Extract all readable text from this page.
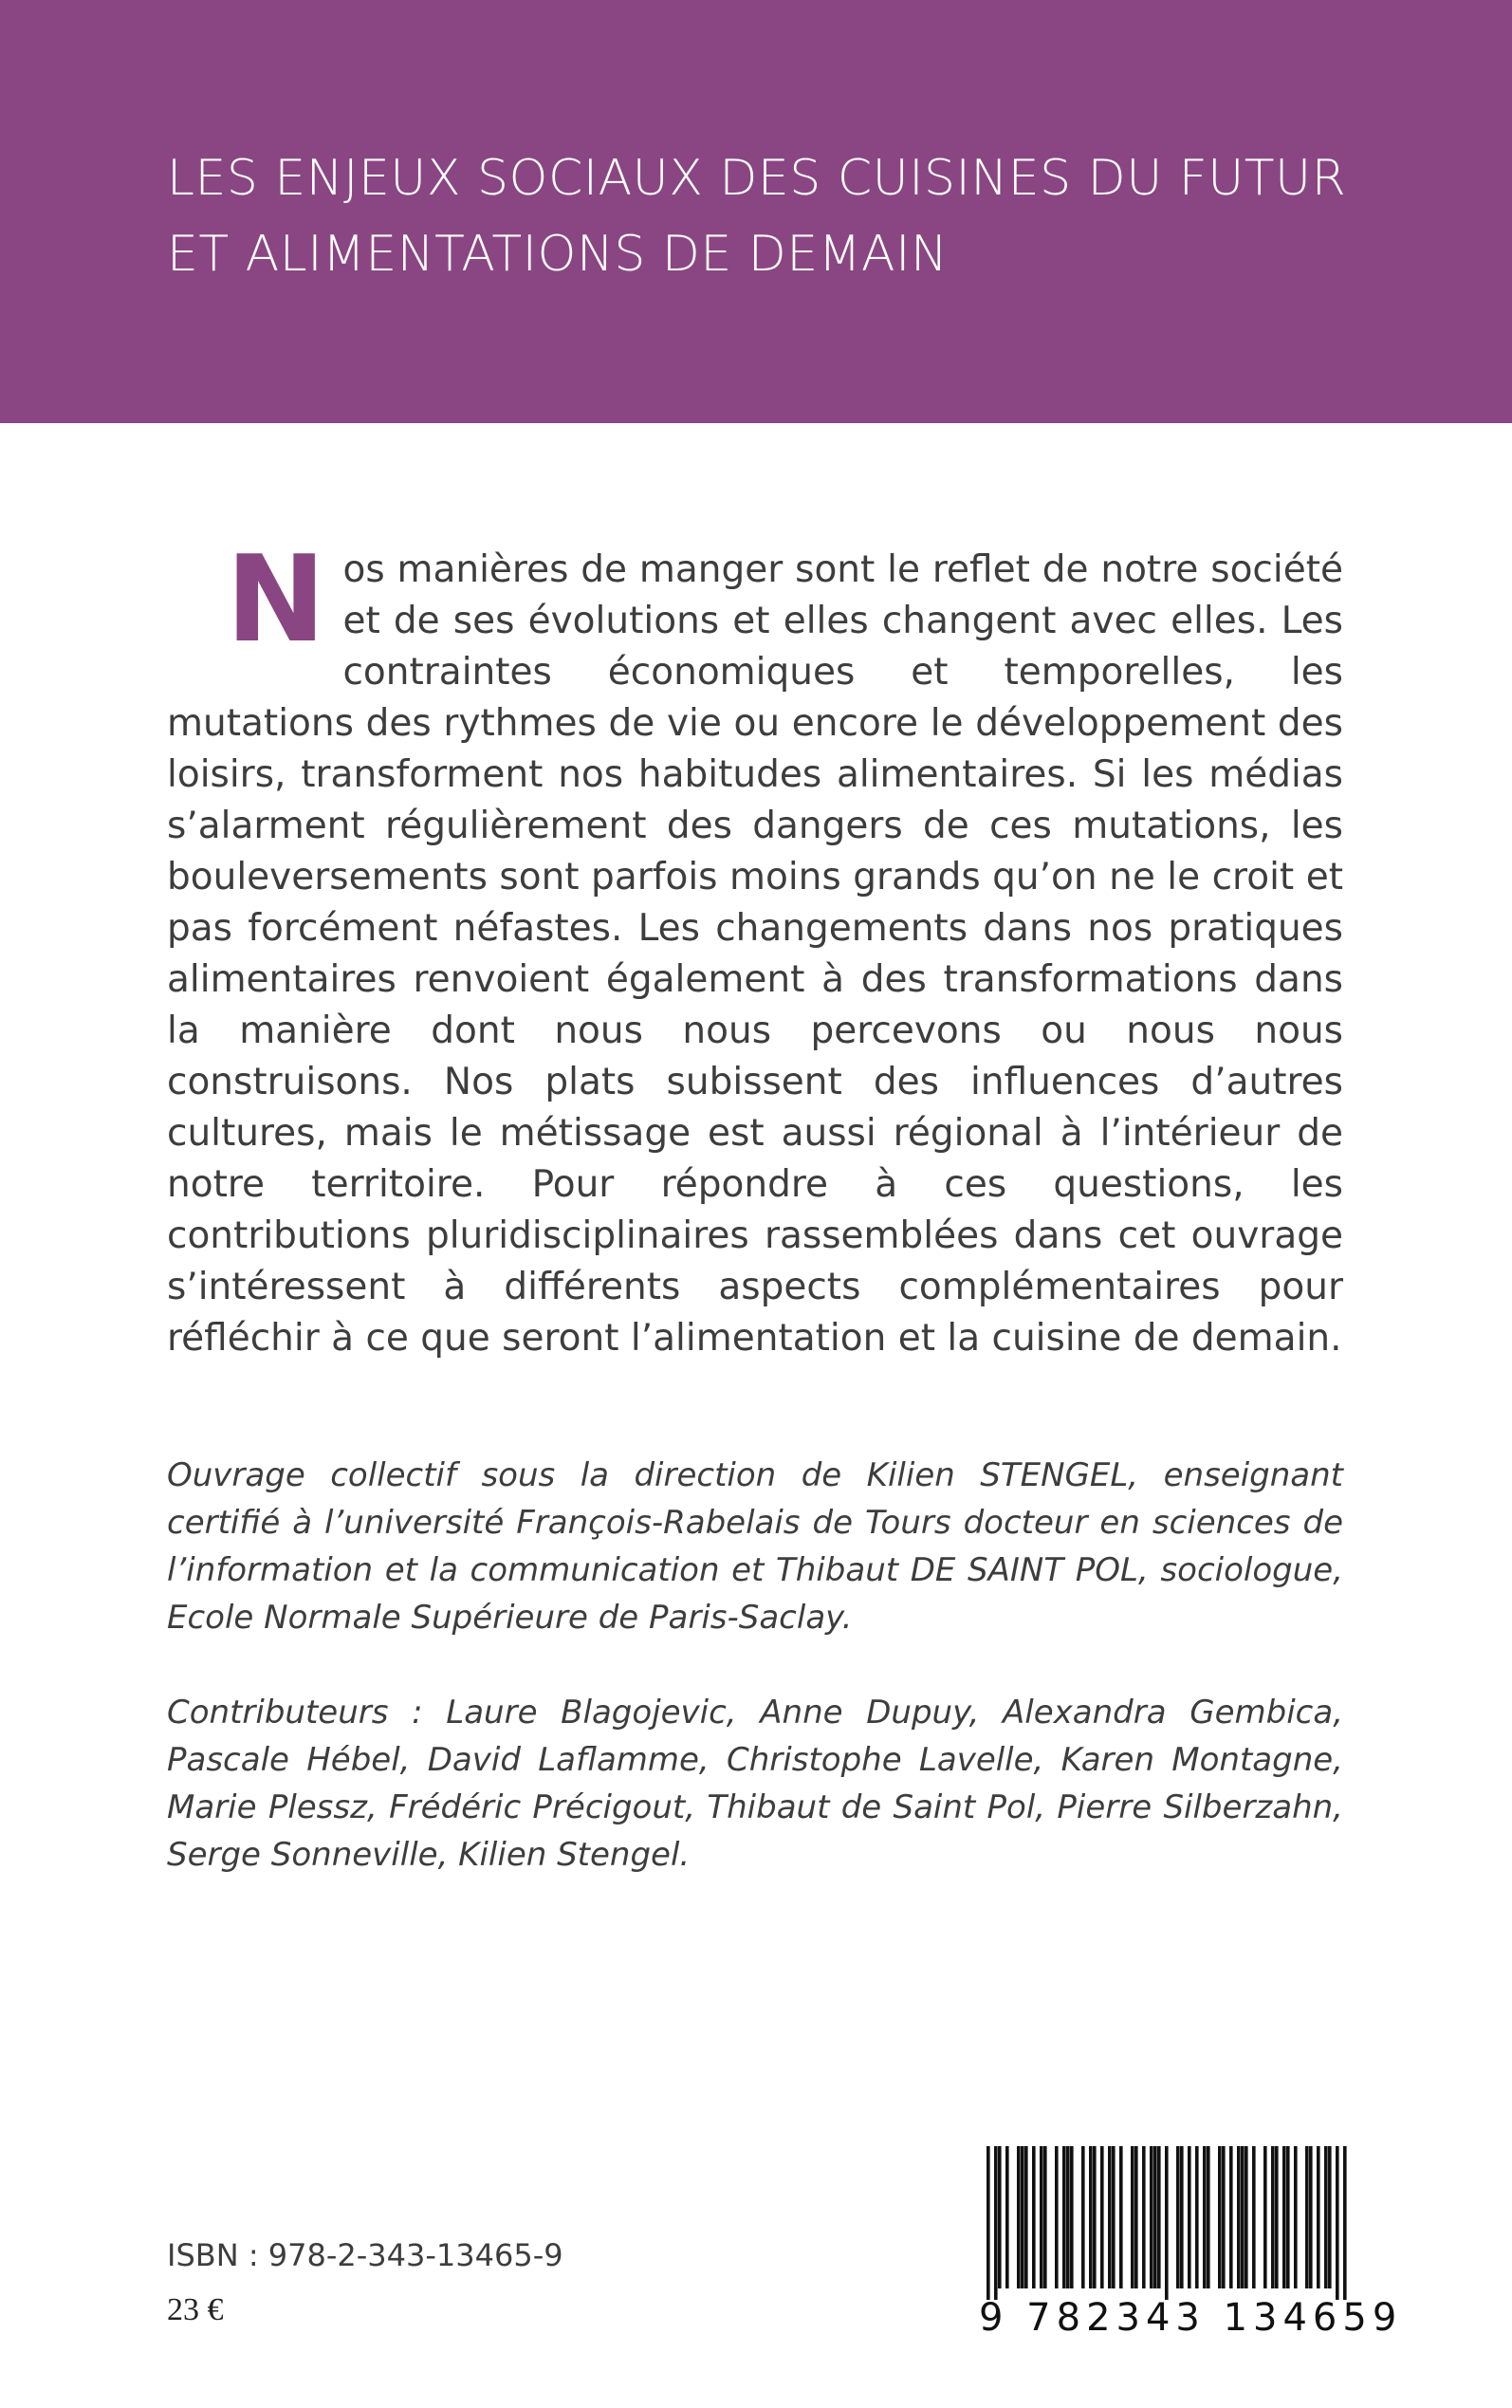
LES ENJEUX SOCIAUX DES CUISINES DU FUTUR
ET ALIMENTATIONS DE DEMAIN
Nos manières de manger sont le reflet de notre société et de ses évolutions et elles changent avec elles. Les contraintes économiques et temporelles, les mutations des rythmes de vie ou encore le développement des loisirs, transforment nos habitudes alimentaires. Si les médias s’alarment régulièrement des dangers de ces mutations, les bouleversements sont parfois moins grands qu’on ne le croit et pas forcément néfastes. Les changements dans nos pratiques alimentaires renvoient également à des transformations dans la manière dont nous nous percevons ou nous nous construisons. Nos plats subissent des influences d’autres cultures, mais le métissage est aussi régional à l’intérieur de notre territoire. Pour répondre à ces questions, les contributions pluridisciplinaires rassemblées dans cet ouvrage s’intéressent à différents aspects complémentaires pour réfléchir à ce que seront l’alimentation et la cuisine de demain.
Ouvrage collectif sous la direction de Kilien STENGEL, enseignant certifié à l’université François-Rabelais de Tours docteur en sciences de l’information et la communication et Thibaut DE SAINT POL, sociologue, Ecole Normale Supérieure de Paris-Saclay.
Contributeurs : Laure Blagojevic, Anne Dupuy, Alexandra Gembica, Pascale Hébel, David Laflamme, Christophe Lavelle, Karen Montagne, Marie Plessz, Frédéric Précigout, Thibaut de Saint Pol, Pierre Silberzahn, Serge Sonneville, Kilien Stengel.
ISBN : 978-2-343-13465-9
23 €	9 782343 134659
